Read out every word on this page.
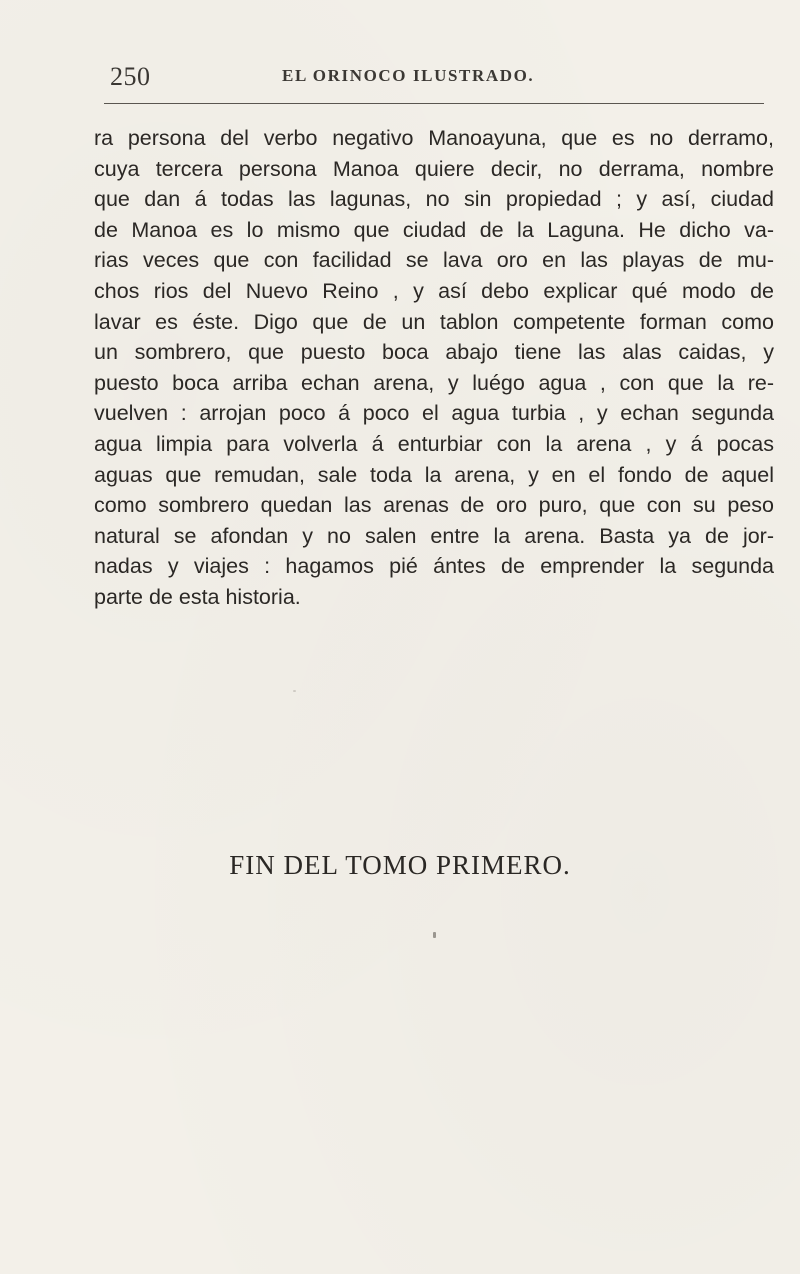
250	EL ORINOCO ILUSTRADO.
ra persona del verbo negativo Manoayuna, que es no derramo,
cuya tercera persona Manoa quiere decir, no derrama, nombre
que dan á todas las lagunas, no sin propiedad ; y así, ciudad
de Manoa es lo mismo que ciudad de la Laguna. He dicho va-
rias veces que con facilidad se lava oro en las playas de mu-
chos rios del Nuevo Reino , y así debo explicar qué modo de
lavar es éste. Digo que de un tablon competente forman como
un sombrero, que puesto boca abajo tiene las alas caidas, y
puesto boca arriba echan arena, y luégo agua , con que la re-
vuelven : arrojan poco á poco el agua turbia , y echan segunda
agua limpia para volverla á enturbiar con la arena , y á pocas
aguas que remudan, sale toda la arena, y en el fondo de aquel
como sombrero quedan las arenas de oro puro, que con su peso
natural se afondan y no salen entre la arena. Basta ya de jor-
nadas y viajes : hagamos pié ántes de emprender la segunda
parte de esta historia.
FIN DEL TOMO PRIMERO.
